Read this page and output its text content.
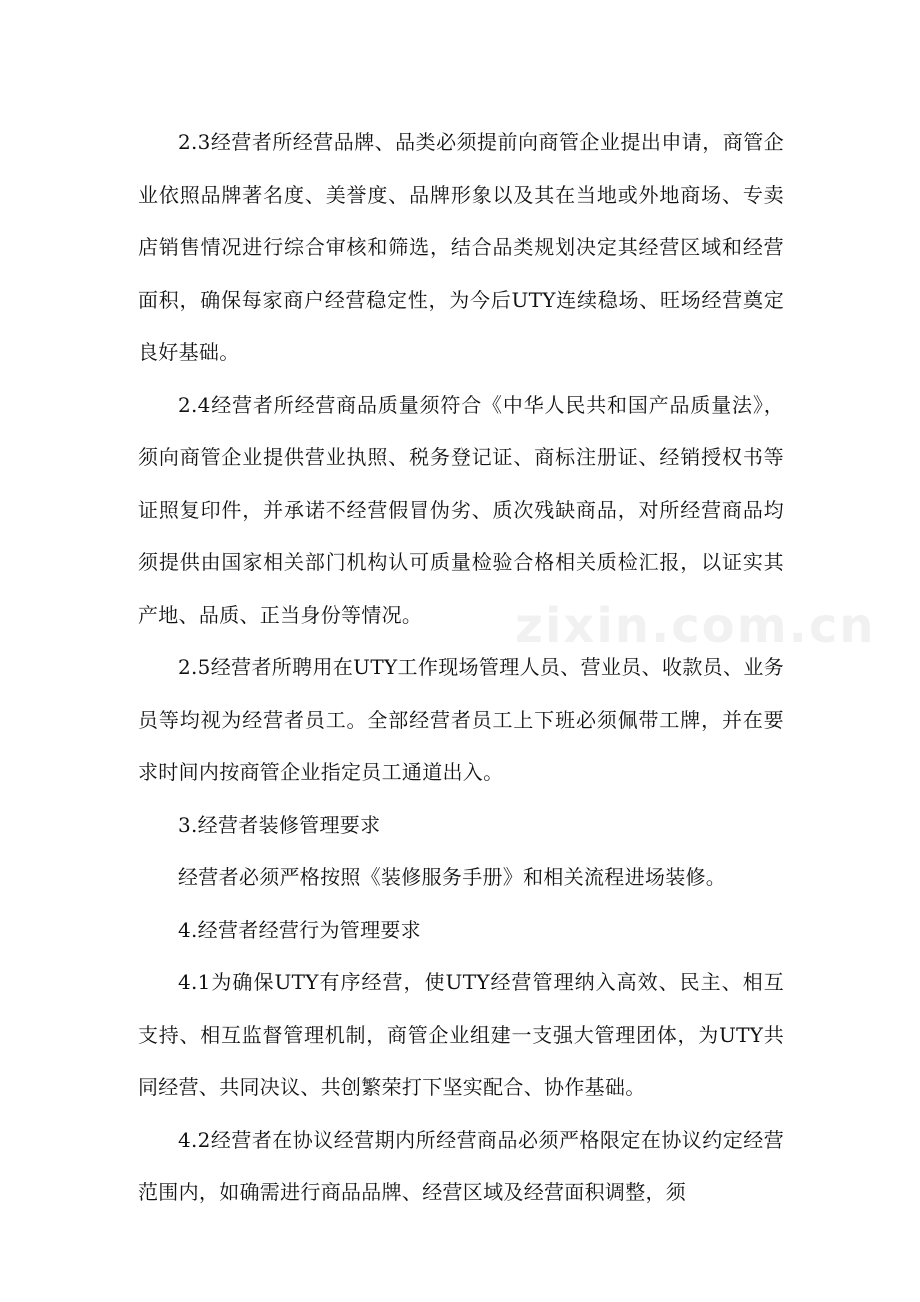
2.3经营者所经营品牌、品类必须提前向商管企业提出申请，商管企业依照品牌著名度、美誉度、品牌形象以及其在当地或外地商场、专卖店销售情况进行综合审核和筛选，结合品类规划决定其经营区域和经营面积，确保每家商户经营稳定性，为今后UTY连续稳场、旺场经营奠定良好基础。

2.4经营者所经营商品质量须符合《中华人民共和国产品质量法》，须向商管企业提供营业执照、税务登记证、商标注册证、经销授权书等证照复印件，并承诺不经营假冒伪劣、质次残缺商品，对所经营商品均须提供由国家相关部门机构认可质量检验合格相关质检汇报，以证实其产地、品质、正当身份等情况。

2.5经营者所聘用在UTY工作现场管理人员、营业员、收款员、业务员等均视为经营者员工。全部经营者员工上下班必须佩带工牌，并在要求时间内按商管企业指定员工通道出入。

3.经营者装修管理要求

经营者必须严格按照《装修服务手册》和相关流程进场装修。

4.经营者经营行为管理要求

4.1为确保UTY有序经营，使UTY经营管理纳入高效、民主、相互支持、相互监督管理机制，商管企业组建一支强大管理团体，为UTY共同经营、共同决议、共创繁荣打下坚实配合、协作基础。

4.2经营者在协议经营期内所经营商品必须严格限定在协议约定经营范围内，如确需进行商品品牌、经营区域及经营面积调整，须

zixin.com.cn
